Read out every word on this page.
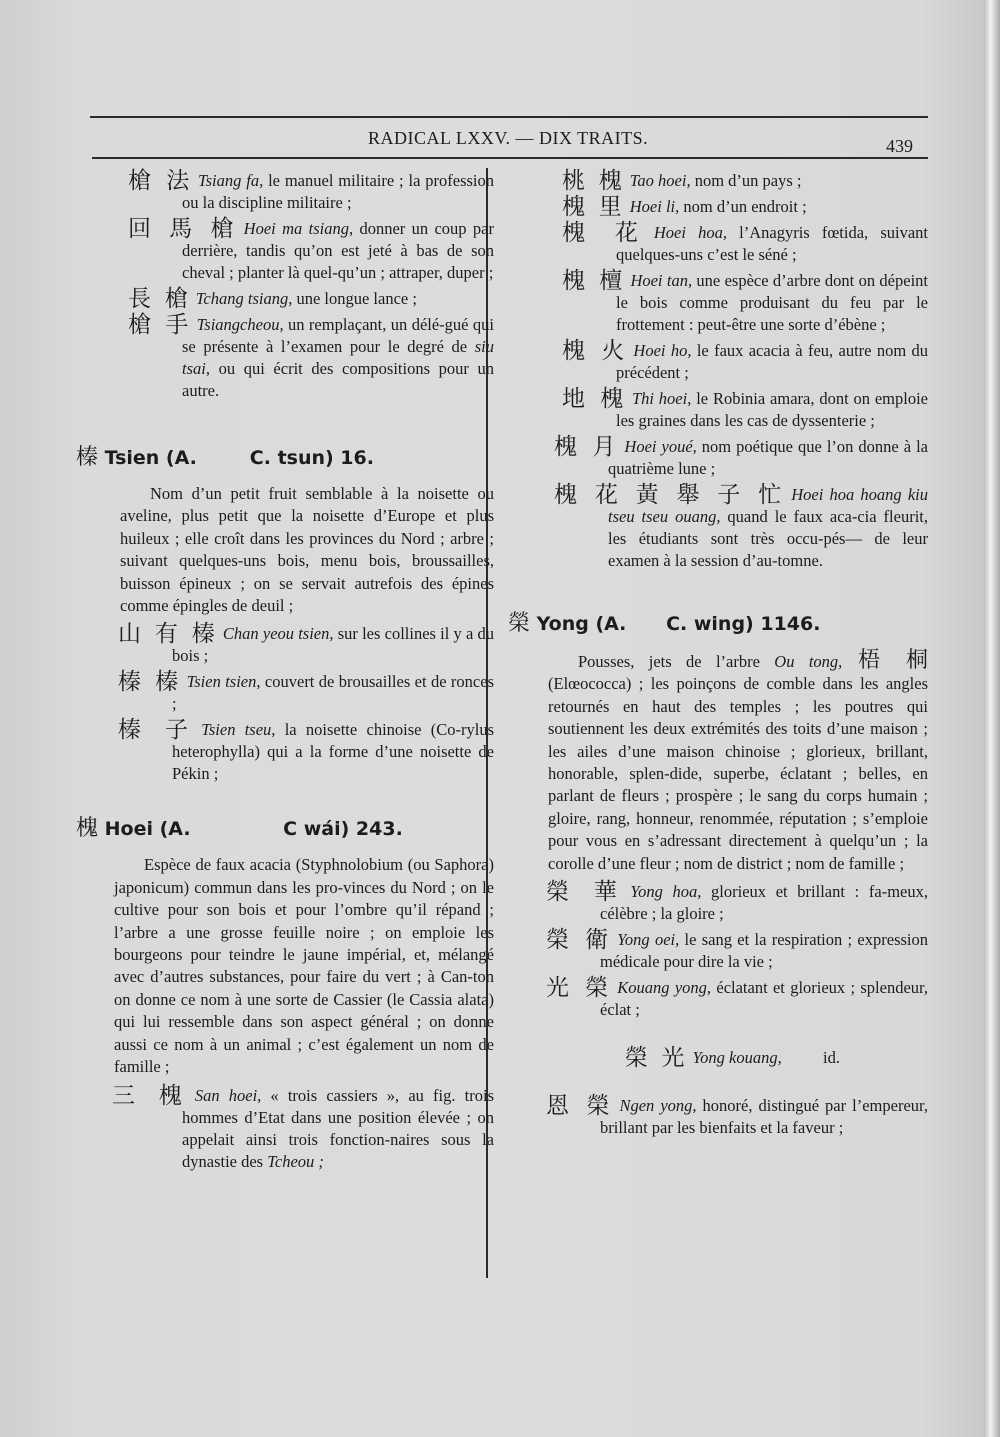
RADICAL LXXV. — DIX TRAITS.	439
槍 法 Tsiang fa, le manuel militaire ; la profession ou la discipline militaire ;
回 馬 槍 Hoei ma tsiang, donner un coup par derrière, tandis qu’on est jeté à bas de son cheval ; planter là quel-qu’un ; attraper, duper ;
長 槍 Tchang tsiang, une longue lance ;
槍 手 Tsiangcheou, un remplaçant, un délé-gué qui se présente à l’examen pour le degré de siu tsai, ou qui écrit des compositions pour un autre.
榛 Tsien (A.        C. tsun) 16.
Nom d’un petit fruit semblable à la noisette ou aveline, plus petit que la noisette d’Europe et plus huileux ; elle croît dans les provinces du Nord ; arbre ; suivant quelques-uns bois, menu bois, broussailles, buisson épineux ; on se servait autrefois des épines comme épingles de deuil ;
山 有 榛 Chan yeou tsien, sur les collines il y a du bois ;
榛 榛 Tsien tsien, couvert de brousailles et de ronces ;
榛 子 Tsien tseu, la noisette chinoise (Co-rylus heterophylla) qui a la forme d’une noisette de Pékin ;
槐 Hoei (A.              C wái) 243.
Espèce de faux acacia (Styphnolobium (ou Saphora) japonicum) commun dans les pro-vinces du Nord ; on le cultive pour son bois et pour l’ombre qu’il répand ; l’arbre a une grosse feuille noire ; on emploie les bourgeons pour teindre le jaune impérial, et, mélangé avec d’autres substances, pour faire du vert ; à Can-ton on donne ce nom à une sorte de Cassier (le Cassia alata) qui lui ressemble dans son aspect général ; on donne aussi ce nom à un animal ; c’est également un nom de famille ;
三 槐 San hoei, « trois cassiers », au fig. trois hommes d’Etat dans une position élevée ; on appelait ainsi trois fonction-naires sous la dynastie des Tcheou ;
桃 槐 Tao hoei, nom d’un pays ;
槐 里 Hoei li, nom d’un endroit ;
槐 花 Hoei hoa, l’Anagyris fœtida, suivant quelques-uns c’est le séné ;
槐 檀 Hoei tan, une espèce d’arbre dont on dépeint le bois comme produisant du feu par le frottement : peut-être une sorte d’ébène ;
槐 火 Hoei ho, le faux acacia à feu, autre nom du précédent ;
地 槐 Thi hoei, le Robinia amara, dont on emploie les graines dans les cas de dyssenterie ;
槐 月 Hoei youé, nom poétique que l’on donne à la quatrième lune ;
槐 花 黃 舉 子 忙 Hoei hoa hoang kiu tseu tseu ouang, quand le faux aca-cia fleurit, les étudiants sont très occu-pés— de leur examen à la session d’au-tomne.
榮 Yong (A.      C. wing) 1146.
Pousses, jets de l’arbre Ou tong, 梧 桐 (Elœococca) ; les poinçons de comble dans les angles retournés en haut des temples ; les poutres qui soutiennent les deux extrémités des toits d’une maison ; les ailes d’une maison chinoise ; glorieux, brillant, honorable, splen-dide, superbe, éclatant ; belles, en parlant de fleurs ; prospère ; le sang du corps humain ; gloire, rang, honneur, renommée, réputation ; s’emploie pour vous en s’adressant directement à quelqu’un ; la corolle d’une fleur ; nom de district ; nom de famille ;
榮 華 Yong hoa, glorieux et brillant : fa-meux, célèbre ; la gloire ;
榮 衛 Yong oei, le sang et la respiration ; expression médicale pour dire la vie ;
光 榮 Kouang yong, éclatant et glorieux ; splendeur, éclat ;

榮 光 Yong kouang,          id.

恩 榮 Ngen yong, honoré, distingué par l’empereur, brillant par les bienfaits et la faveur ;
